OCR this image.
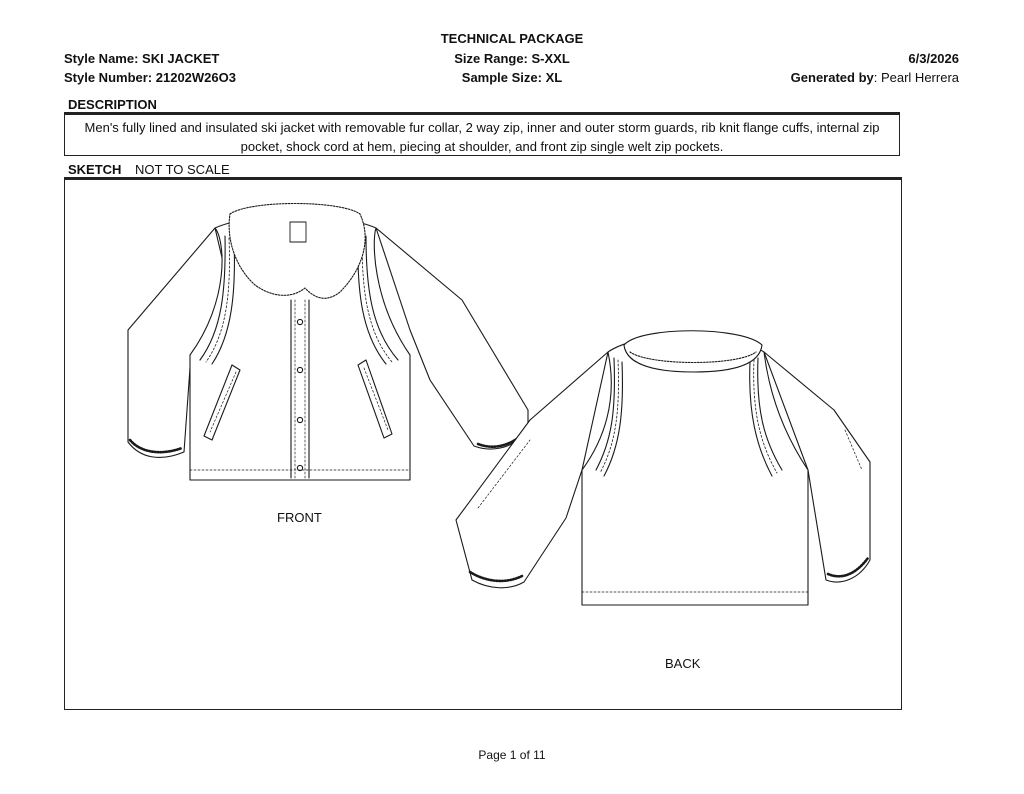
TECHNICAL PACKAGE
Style Name: SKI JACKET
Style Number: 21202W26O3
Size Range: S-XXL
Sample Size: XL
6/3/2026
Generated by: Pearl Herrera
DESCRIPTION
Men's fully lined and insulated ski jacket with removable fur collar, 2 way zip, inner and outer storm guards, rib knit flange cuffs, internal zip pocket, shock cord at hem, piecing at shoulder, and front zip single welt zip pockets.
SKETCH NOT TO SCALE
FRONT
BACK
Page 1 of 11
